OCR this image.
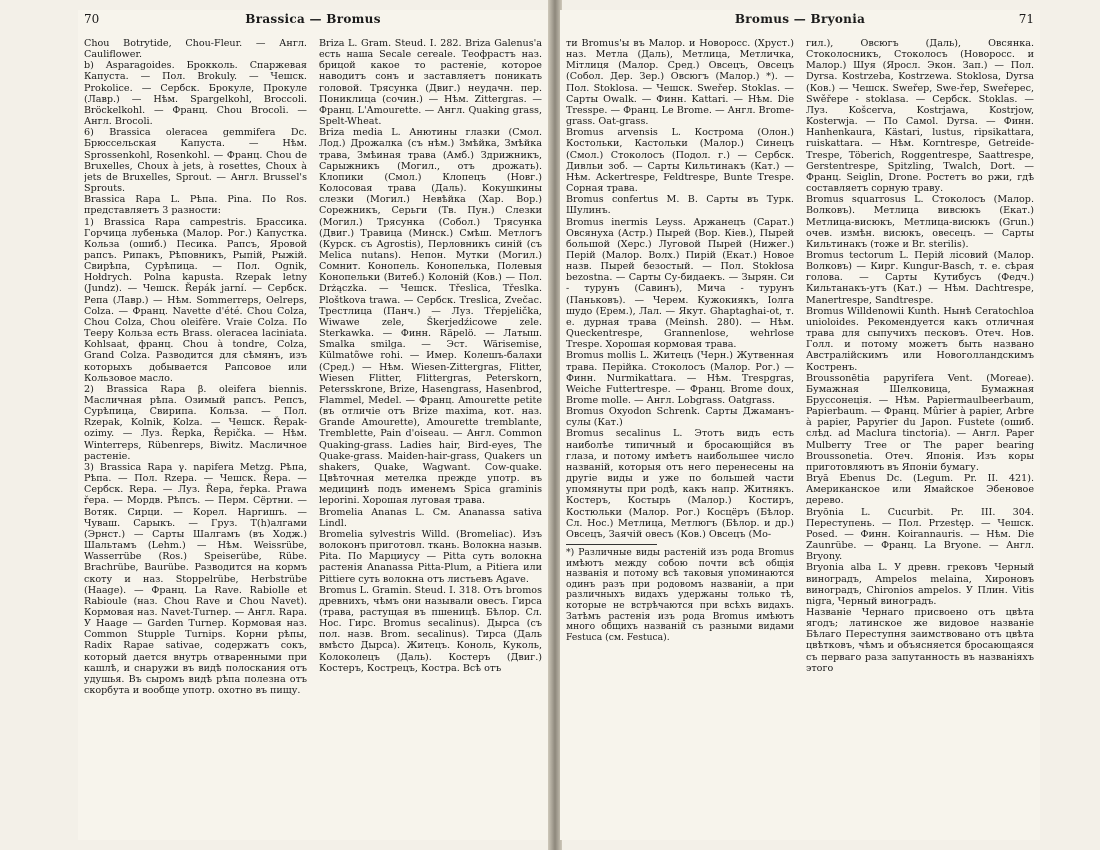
70	Brassica — Bromus

Chou Botrytide, Chou-Fleur. — Англ. Cauliflower.

b) Asparagoides. Брокколь. Спаржевая Капуста. — Пол. Brokuly. — Чешск. Prokolice. — Сербск. Брокуле, Прокуле (Лавр.) — Нѣм. Spargelkohl, Broccoli. Bröckelkohl. — Франц. Chou Brocoli. — Англ. Brocoli.

6) Brassica oleracea gemmifera Dc. Брюссельская Капуста. — Нѣм. Sprossenkohl, Rosenkohl. — Франц. Chou de Bruxelles, Choux à jets, à rosettes, Choux à jets de Bruxelles, Sprout. — Англ. Brussel's Sprouts.

Brassica Rapa L. Рѣпа. Pina. По Ros. представляетъ 3 разности:

1) Brassica Rapa campestris. Брассика. Горчица лубенька (Малор. Рог.) Капустка. Кольза (ошиб.) Песика. Рапсъ, Яровой рапсъ. Рипакъ, Рѣповникъ, Рыпій, Рыжій. Свирѣпа, Сурѣпица. — Пол. Ognik, Hołdrych. Polna kapusta. Rzepak letny (Jundz). — Чешск. Řepák jarní. — Сербск. Репа (Лавр.) — Нѣм. Sommerreps, Oelreps, Colza. — Франц. Navette d'été. Chou Colza, Chou Colza, Chou oleifère. Vraie Colza. По Тееру Кольза есть Brass. oleracea laciniata. Kohlsaat, франц. Chou à tondre, Colza, Grand Colza. Разводится для сѣмянъ, изъ которыхъ добывается Рапсовое или Кользовое масло.

2) Brassica Rapa β. oleifera biennis. Масличная рѣпа. Озимый рапсъ. Репсъ, Сурѣпица, Свирипа. Кольза. — Пол. Rzepak, Kolnik, Kolza. — Чешск. Řepak-ozimy. — Луз. Řepka, Řepička. — Нѣм. Winterreps, Rübenreps, Biwitz. Масличное растеніе.

3) Brassica Rapa γ. napifera Metzg. Рѣпа, Рѣпа. — Пол. Rzepa. — Чешск. Řepa. — Сербск. Repa. — Луз. Řepa, řepka. Prawa řepa. — Мордв. Рѣпсъ. — Перм. Сёртни. — Вотяк. Сирци. — Корел. Наргишъ. — Чуваш. Сарыкъ. — Груз. Т(h)алгами (Эрнст.) — Сарты Шалгамъ (въ Ходж.) Шальтамъ (Lehm.) — Нѣм. Weissrübe, Wasserrübe (Ros.) Speiserübe, Rübe. Brachrübe, Baurübe. Разводится на кормъ скоту и наз. Stoppelrübe, Herbstrübe (Haage). — Франц. La Rave. Rabiolle et Rabioule (наз. Chou Rave и Chou Navet). Кормовая наз. Navet-Turnep. — Англ. Rapa. У Haage — Garden Turnep. Кормовая наз. Common Stupple Turnips. Корни рѣпы, Radix Rapae sativae, содержатъ сокъ, который дается внутрь отваренными при кашлѣ, и снаружи въ видѣ полоскания отъ удушья. Въ сыромъ видѣ рѣпа полезна отъ скорбута и вообще употр. охотно въ пищу.

Briza L. Gram. Steud. I. 282. Briza Galenus'a есть наша Secale cereale. Теофрастъ наз. брицой какое то растеніе, которое наводитъ сонъ и заставляетъ поникать головой. Трясунка (Двиг.) неудачн. пер. Пониклица (сочин.) — Нѣм. Zittergras. — Франц. L'Amourette. — Англ. Quaking grass, Spelt-Wheat.

Briza media L. Анютины глазки (Смол. Лод.) Дрожалка (съ нѣм.) Змѣйка, Змѣйка трава, Змѣиная трава (Амб.) Здрижникъ, Сарыжникъ (Могил., отъ дрожать). Клопики (Смол.) Клопецъ (Новг.) Колосовая трава (Даль). Кокушкины слезки (Могил.) Невѣйка (Хар. Вор.) Сорежникъ, Серьги (Тв. Пун.) Слезки (Могил.) Трясунка (Собол.) Трясунка (Двиг.) Травица (Минск.) Смѣш. Метлогъ (Курск. съ Agrostis), Перловникъ синій (съ Melica nutans). Непон. Мутки (Могил.) Сомнит. Конопель. Конопелька, Полевыя Конопельки (Витеб.) Колоній (Ков.) — Пол. Drżączka. — Чешск. Třeslica, Třeslka. Ploštkova trawa. — Сербск. Treslica, Zvečac. Трестлица (Панч.) — Луз. Třepjelička, Wiwawe zele, Škerjedźicowe zele. Sterkawka. — Финн. Räpelö. — Латыш. Smalka smilga. — Эст. Wärisemise, Külmatõwe rohi. — Имер. Колешъ-балахи (Сред.) — Нѣм. Wiesen-Zittergras, Flitter, Wiesen Flitter, Flittergras, Peterskorn, Petersskrone, Brize, Hasengrass, Hasenbrod, Flammel, Medel. — Франц. Amourette petite (въ отличіе отъ Brize maxima, кот. наз. Grande Amourette), Amourette tremblante, Tremblette, Pain d'oiseau. — Англ. Common Quaking-grass. Ladies hair, Bird-eyes, The Quake-grass. Maiden-hair-grass, Quakers un shakers, Quake, Wagwant. Cow-quake. Цвѣточная метелка прежде употр. въ медицинѣ подъ именемъ Spica graminis leporini. Хорошая луговая трава.

Bromelia Ananas L. См. Ananassa sativa Lindl.

Bromelia sylvestris Willd. (Bromeliac). Изъ волоконъ приготовл. ткань. Волокна назыв. Pita. По Марциусу — Pitta суть волокна растенія Ananassa Pitta-Plum, а Pitiera или Pittiere суть волокна отъ листьевъ Agave.

Bromus L. Gramin. Steud. I. 318. Отъ bromos древнихъ, чѣмъ они называли овесъ. Гирса (трава, растущая въ пшеницѣ. Бѣлор. Сл. Нос. Гирс. Bromus secalinus). Дырса (съ пол. назв. Brom. secalinus). Тирса (Даль вмѣсто Дырса). Житецъ. Коноль, Куколь, Колоколецъ (Даль). Костеръ (Двиг.) Костеръ, Кострецъ, Костра. Всѣ отъ

Bromus — Bryonia	71

ти Bromus'ы въ Малор. и Новоросс. (Хруст.) наз. Метла (Даль), Метлица, Метличка, Мітлиця (Малор. Сред.) Овсецъ, Овсецъ (Собол. Дер. Зер.) Овсюгъ (Малор.) *). — Пол. Stoklosa. — Чешск. Sweřep. Stoklas. — Сарты Owalk. — Финн. Kattari. — Нѣм. Die Tresspe. — Франц. Le Brome. — Англ. Brome-grass. Oat-grass.

Bromus arvensis L. Кострома (Олон.) Костольки, Кастольки (Малор.) Синецъ (Смол.) Стоколосъ (Подол. г.) — Сербск. Дивльи зоб. — Сарты Кильтинакъ (Кат.) — Нѣм. Ackertrespe, Feldtrespe, Bunte Trespe. Сорная трава.

Bromus confertus M. B. Сарты въ Турк. Шулинъ.

Bromus inermis Leyss. Аржанецъ (Сарат.) Овсянуха (Астр.) Пырей (Вор. Кіев.), Пырей большой (Херс.) Луговой Пырей (Нижег.) Перій (Малор. Волх.) Пирій (Екат.) Новое назв. Пырей безостый. — Пол. Stokłosa bezostna. — Сарты Су-бидаекъ. — Зырян. Си - турунъ (Савинъ), Мича - турунъ (Паньковъ). — Черем. Кужокиякъ, Iолга шудо (Ерем.), Лал. — Якут. Ghaptaghai-ot, т. е. дурная трава (Meinsh. 280). — Нѣм. Queckentrespe, Grannenlose, wehrlose Trespe. Хорошая кормовая трава.

Bromus mollis L. Житецъ (Черн.) Жутвенная трава. Перійка. Стоколосъ (Малор. Рог.) — Финн. Nurmikattara. — Нѣм. Trespgras, Weiche Futtertrespe. — Франц. Brome doux, Brome molle. — Англ. Lobgrass. Oatgrass.

Bromus Oxyodon Schrenk. Сарты Джаманъ-сулы (Кат.)

Bromus secalinus L. Этотъ видъ есть наиболѣе типичный и бросающійся въ глаза, и потому имѣетъ наибольшее число названій, которыя отъ него перенесены на другіе виды и уже по большей части упомянуты при родѣ, какъ напр. Житнякъ. Костеръ, Костырь (Малор.) Костиръ, Костюльки (Малор. Рог.) Косцёръ (Бѣлор. Сл. Нос.) Метлица, Метлюгъ (Бѣлор. и др.) Овсецъ, Заячій овесъ (Ков.) Овсецъ (Мо-

*) Различные виды растеній изъ рода Bromus имѣютъ между собою почти всѣ общія названія и потому всѣ таковыя упоминаются одинъ разъ при родовомъ названіи, а при различныхъ видахъ удержаны только тѣ, которые не встрѣчаются при всѣхъ видахъ. Затѣмъ растенія изъ рода Bromus имѣютъ много общихъ названій съ разными видами Festuca (см. Festuca).

гил.), Овсюгъ (Даль), Овсянка. Стоколосникъ, Стоколосъ (Новоросс. и Малор.) Шуя (Яросл. Экон. Зап.) — Пол. Dyrsa. Kostrzeba, Kostrzewa. Stoklosa, Dyrsa (Ков.) — Чешск. Sweřep, Swe-řep, Sweřepec, Swěřepe - stoklasa. — Сербск. Stoklas. — Луз. Košcerva, Kostrjawa, Kostrjow, Kosterwja. — По Самоl. Dyrsa. — Финн. Hanhenkaura, Kästari, lustus, ripsikattara, ruiskattara. — Нѣм. Korntrespe, Getreide-Trespe, Töberich, Roggentrespe, Saattrespe, Gerstentrespe, Spitzling, Twalch, Dort. — Франц. Seiglin, Drone. Ростетъ во ржи, гдѣ составляетъ сорную траву.

Bromus squarrosus L. Стоколосъ (Малор. Волковъ). Метлица вивсюкъ (Екат.) Метлица-висюкъ, Метлица-висюкъ (Grun.) очев. измѣн. висюкъ, овесецъ. — Сарты Кильтинакъ (тоже и Br. sterilis).

Bromus tectorum L. Перій лісовий (Малор. Волковъ) — Кирг. Kungur-Basch, т. е. сѣрая голова. — Сарты Кутибусъ (Федч.) Кильтанакъ-утъ (Кат.) — Нѣм. Dachtrespe, Manertrespe, Sandtrespe.

Bromus Willdenowii Kunth. Нынѣ Ceratochloa unioloides. Рекомендуется какъ отличная трава для сыпучихъ песковъ. Отеч. Нов. Голл. и потому можетъ быть названо Австралійскимъ или Новоголландскимъ Костренъ.

Broussonētia papyrifera Vent. (Moreae). Бумажная Шелковица, Бумажная Бруссонеція. — Нѣм. Papiermaulbeerbaum, Papierbaum. — Франц. Mûrier à papier, Arbre à papier, Papyrier du Japon. Fustete (ошиб. слѣд. ad Maclura tinctoria). — Англ. Paper Mulberry Tree or The paper bearing Broussonetia. Отеч. Японія. Изъ коры приготовляютъ въ Японіи бумагу.

Bryā Ebenus Dc. (Legum. Pr. II. 421). Американское или Ямайское Эбеновое дерево.

Bryōnia L. Cucurbit. Pr. III. 304. Переступень. — Пол. Przestęp. — Чешск. Posed. — Финн. Koirannauris. — Нѣм. Die Zaunrübe. — Франц. La Bryone. — Англ. Bryony.

Bryonia alba L. У древн. грековъ Черный виноградъ, Ampelos melaina, Хироновъ виноградъ, Chironios ampelos. У Плин. Vitis nigra, Черный виноградъ.

Названіе Чернаго присвоено отъ цвѣта ягодъ; латинское же видовое названіе Бѣлаго Переступня заимствовано отъ цвѣта цвѣтковъ, чѣмъ и объясняется бросающаяся съ перваго раза запутанность въ названіяхъ этого
